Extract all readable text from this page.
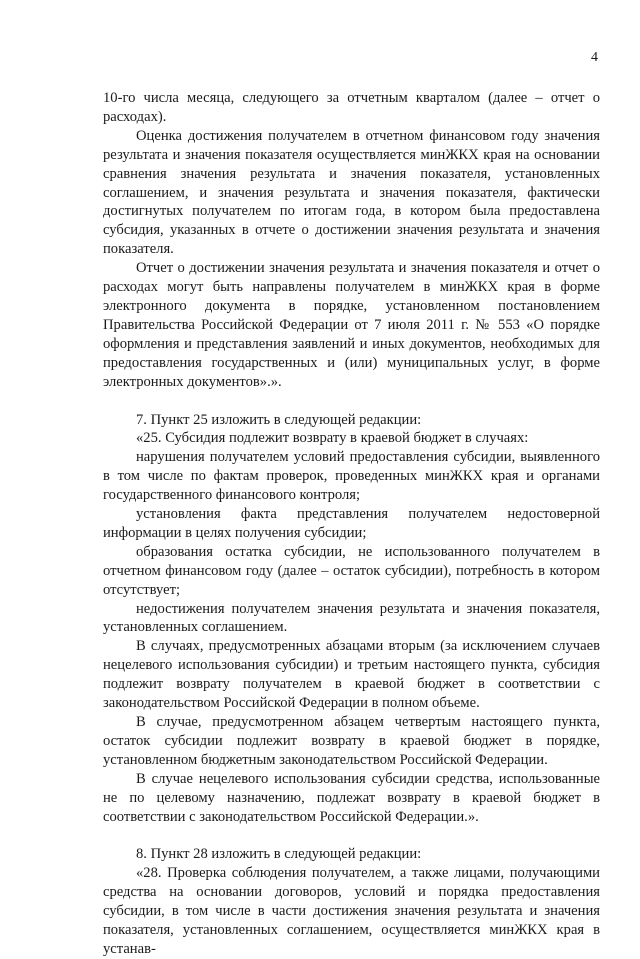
4

10-го числа месяца, следующего за отчетным кварталом (далее – отчет о расходах).

Оценка достижения получателем в отчетном финансовом году значения результата и значения показателя осуществляется минЖКХ края на основании сравнения значения результата и значения показателя, установленных соглашением, и значения результата и значения показателя, фактически достигнутых получателем по итогам года, в котором была предоставлена субсидия, указанных в отчете о достижении значения результата и значения показателя.

Отчет о достижении значения результата и значения показателя и отчет о расходах могут быть направлены получателем в минЖКХ края в форме электронного документа в порядке, установленном постановлением Правительства Российской Федерации от 7 июля 2011 г. № 553 «О порядке оформления и представления заявлений и иных документов, необходимых для предоставления государственных и (или) муниципальных услуг, в форме электронных документов».».

7. Пункт 25 изложить в следующей редакции:

«25. Субсидия подлежит возврату в краевой бюджет в случаях:

нарушения получателем условий предоставления субсидии, выявленного в том числе по фактам проверок, проведенных минЖКХ края и органами государственного финансового контроля;

установления факта представления получателем недостоверной информации в целях получения субсидии;

образования остатка субсидии, не использованного получателем в отчетном финансовом году (далее – остаток субсидии), потребность в котором отсутствует;

недостижения получателем значения результата и значения показателя, установленных соглашением.

В случаях, предусмотренных абзацами вторым (за исключением случаев нецелевого использования субсидии) и третьим настоящего пункта, субсидия подлежит возврату получателем в краевой бюджет в соответствии с законодательством Российской Федерации в полном объеме.

В случае, предусмотренном абзацем четвертым настоящего пункта, остаток субсидии подлежит возврату в краевой бюджет в порядке, установленном бюджетным законодательством Российской Федерации.

В случае нецелевого использования субсидии средства, использованные не по целевому назначению, подлежат возврату в краевой бюджет в соответствии с законодательством Российской Федерации.».

8. Пункт 28 изложить в следующей редакции:

«28. Проверка соблюдения получателем, а также лицами, получающими средства на основании договоров, условий и порядка предоставления субсидии, в том числе в части достижения значения результата и значения показателя, установленных соглашением, осуществляется минЖКХ края в устанав-
